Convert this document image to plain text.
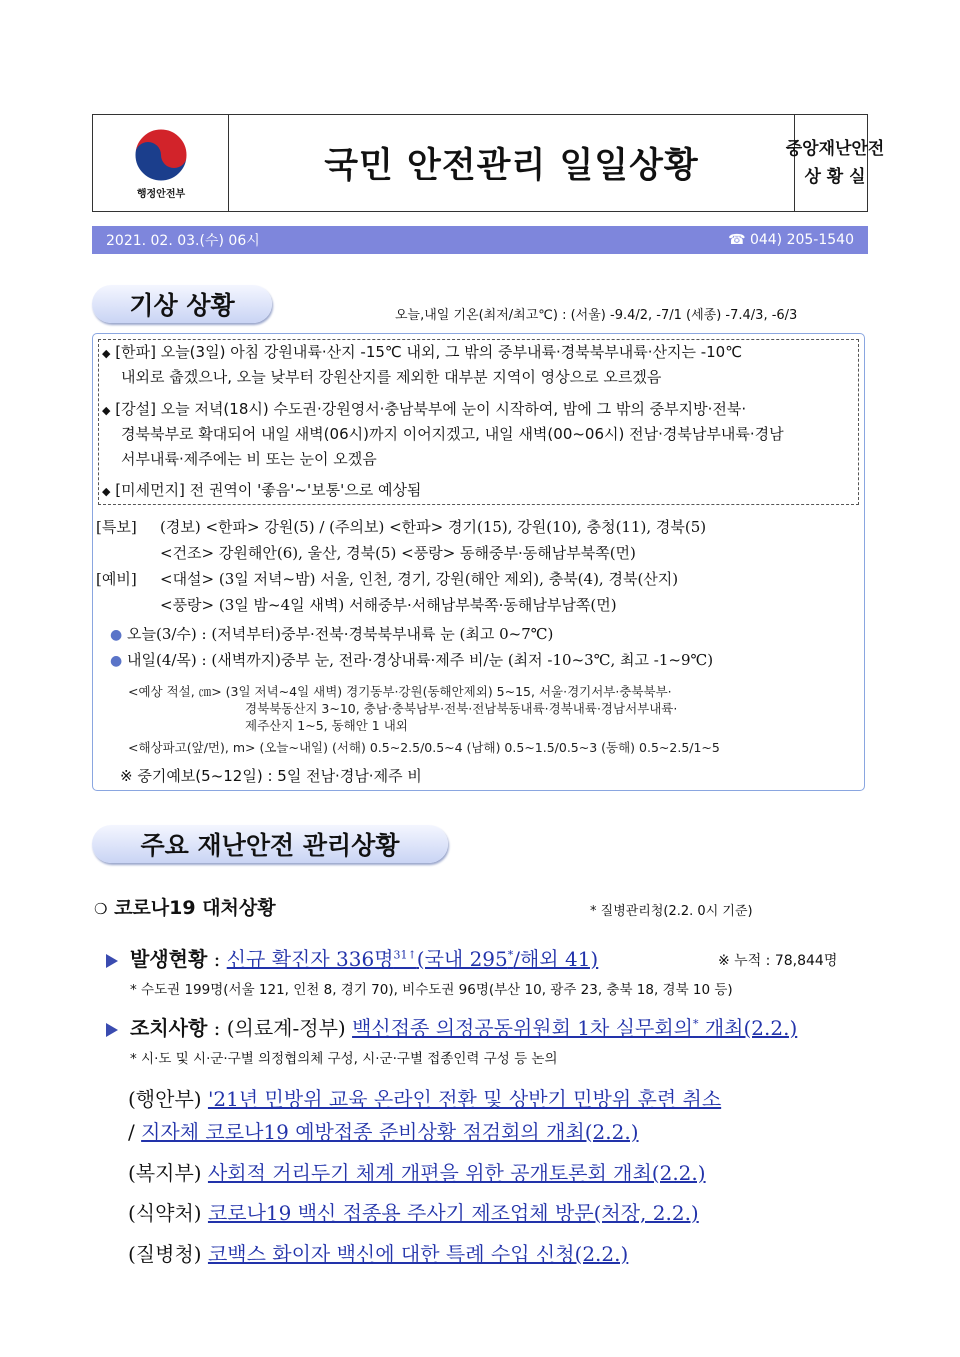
행정안전부
국민 안전관리 일일상황	중앙재난안전
상 황 실
2021. 02. 03.(수) 06시	☎ 044) 205-1540
기상 상황	오늘,내일 기온(최저/최고℃) : (서울) -9.4/2, -7/1 (세종) -7.4/3, -6/3
◆ [한파] 오늘(3일) 아침 강원내륙·산지 -15℃ 내외, 그 밖의 중부내륙·경북북부내륙·산지는 -10℃
내외로 춥겠으나, 오늘 낮부터 강원산지를 제외한 대부분 지역이 영상으로 오르겠음
◆ [강설] 오늘 저녁(18시) 수도권·강원영서·충남북부에 눈이 시작하여, 밤에 그 밖의 중부지방·전북·
경북북부로 확대되어 내일 새벽(06시)까지 이어지겠고, 내일 새벽(00~06시) 전남·경북남부내륙·경남
서부내륙·제주에는 비 또는 눈이 오겠음
◆ [미세먼지] 전 권역이 '좋음'~'보통'으로 예상됨
[특보] (경보) <한파> 강원(5) / (주의보) <한파> 경기(15), 강원(10), 충청(11), 경북(5)
<건조> 강원해안(6), 울산, 경북(5) <풍랑> 동해중부·동해남부북쪽(먼)
[예비] <대설> (3일 저녁~밤) 서울, 인천, 경기, 강원(해안 제외), 충북(4), 경북(산지)
<풍랑> (3일 밤~4일 새벽) 서해중부·서해남부북쪽·동해남부남쪽(먼)
● 오늘(3/수) : (저녁부터)중부·전북·경북북부내륙 눈 (최고 0~7℃)
● 내일(4/목) : (새벽까지)중부 눈, 전라·경상내륙·제주 비/눈 (최저 -10~3℃, 최고 -1~9℃)
<예상 적설, ㎝> (3일 저녁~4일 새벽) 경기동부·강원(동해안제외) 5~15, 서울·경기서부·충북북부·
경북북동산지 3~10, 충남·충북남부·전북·전남북동내륙·경북내륙·경남서부내륙·
제주산지 1~5, 동해안 1 내외
<해상파고(앞/먼), m> (오늘~내일) (서해) 0.5~2.5/0.5~4 (남해) 0.5~1.5/0.5~3 (동해) 0.5~2.5/1~5
※ 중기예보(5~12일) : 5일 전남·경남·제주 비
주요 재난안전 관리상황
❍ 코로나19 대처상황	* 질병관리청(2.2. 0시 기준)
발생현황 : 신규 확진자 336명$^{31↑}$(국내 295*/해외 41)	※ 누적 : 78,844명
* 수도권 199명(서울 121, 인천 8, 경기 70), 비수도권 96명(부산 10, 광주 23, 충북 18, 경북 10 등)
조치사항 : (의료계-정부) 백신접종 의정공동위원회 1차 실무회의* 개최(2.2.)
* 시·도 및 시·군·구별 의정협의체 구성, 시·군·구별 접종인력 구성 등 논의
(행안부) '21년 민방위 교육 온라인 전환 및 상반기 민방위 훈련 취소
/ 지자체 코로나19 예방접종 준비상황 점검회의 개최(2.2.)
(복지부) 사회적 거리두기 체계 개편을 위한 공개토론회 개최(2.2.)
(식약처) 코로나19 백신 접종용 주사기 제조업체 방문(처장, 2.2.)
(질병청) 코백스 화이자 백신에 대한 특례 수입 신청(2.2.)
